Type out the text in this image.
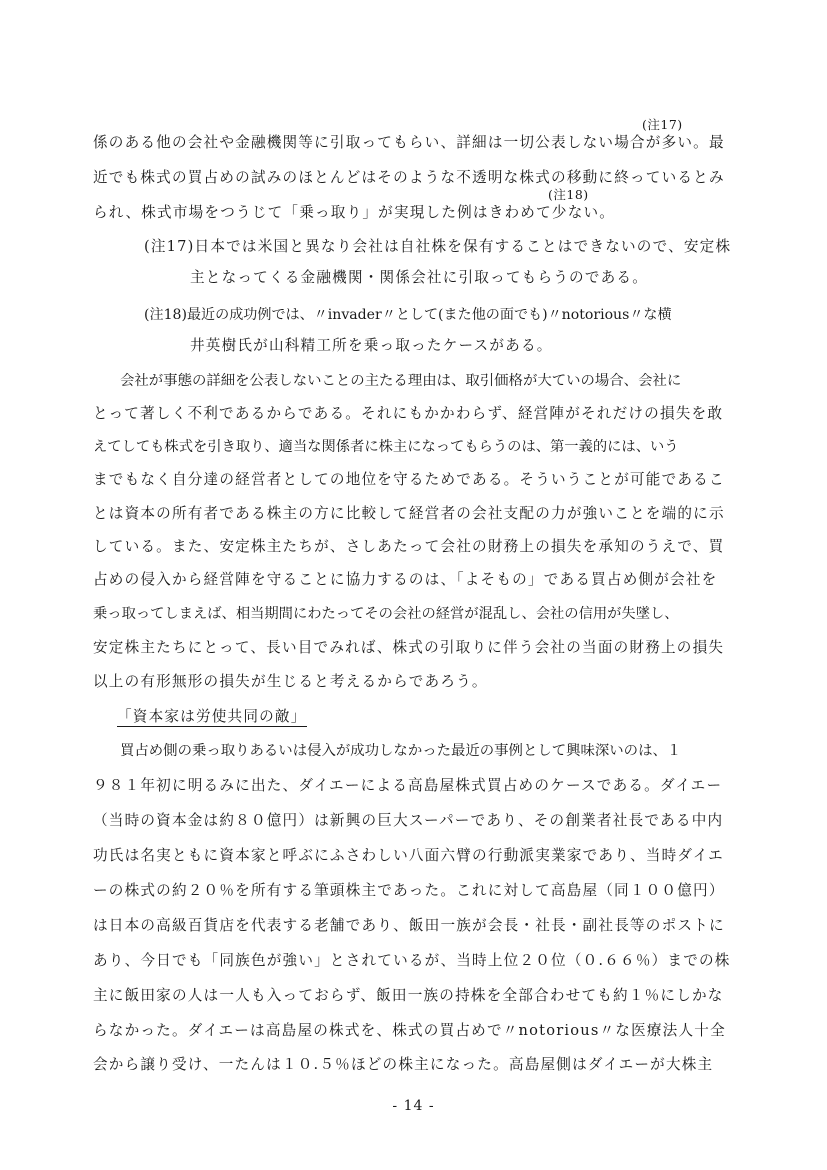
(注17)
(注18)
係のある他の会社や金融機関等に引取ってもらい、詳細は一切公表しない場合が多い。最
近でも株式の買占めの試みのほとんどはそのような不透明な株式の移動に終っているとみ
られ、株式市場をつうじて「乗っ取り」が実現した例はきわめて少ない。
(注17)日本では米国と異なり会社は自社株を保有することはできないので、安定株
主となってくる金融機関・関係会社に引取ってもらうのである。
(注18)最近の成功例では、〃invader〃として(また他の面でも)〃notorious〃な横
井英樹氏が山科精工所を乗っ取ったケースがある。
会社が事態の詳細を公表しないことの主たる理由は、取引価格が大ていの場合、会社に
とって著しく不利であるからである。それにもかかわらず、経営陣がそれだけの損失を敢
えてしても株式を引き取り、適当な関係者に株主になってもらうのは、第一義的には、いう
までもなく自分達の経営者としての地位を守るためである。そういうことが可能であるこ
とは資本の所有者である株主の方に比較して経営者の会社支配の力が強いことを端的に示
している。また、安定株主たちが、さしあたって会社の財務上の損失を承知のうえで、買
占めの侵入から経営陣を守ることに協力するのは、「よそもの」である買占め側が会社を
乗っ取ってしまえば、相当期間にわたってその会社の経営が混乱し、会社の信用が失墜し、
安定株主たちにとって、長い目でみれば、株式の引取りに伴う会社の当面の財務上の損失
以上の有形無形の損失が生じると考えるからであろう。
「資本家は労使共同の敵」
買占め側の乗っ取りあるいは侵入が成功しなかった最近の事例として興味深いのは、１
９８１年初に明るみに出た、ダイエーによる高島屋株式買占めのケースである。ダイエー
（当時の資本金は約８０億円）は新興の巨大スーパーであり、その創業者社長である中内
功氏は名実ともに資本家と呼ぶにふさわしい八面六臂の行動派実業家であり、当時ダイエ
ーの株式の約２０％を所有する筆頭株主であった。これに対して高島屋（同１００億円）
は日本の高級百貨店を代表する老舗であり、飯田一族が会長・社長・副社長等のポストに
あり、今日でも「同族色が強い」とされているが、当時上位２０位（０.６６％）までの株
主に飯田家の人は一人も入っておらず、飯田一族の持株を全部合わせても約１％にしかな
らなかった。ダイエーは高島屋の株式を、株式の買占めで〃notorious〃な医療法人十全
会から譲り受け、一たんは１０.５％ほどの株主になった。高島屋側はダイエーが大株主
- 14 -
